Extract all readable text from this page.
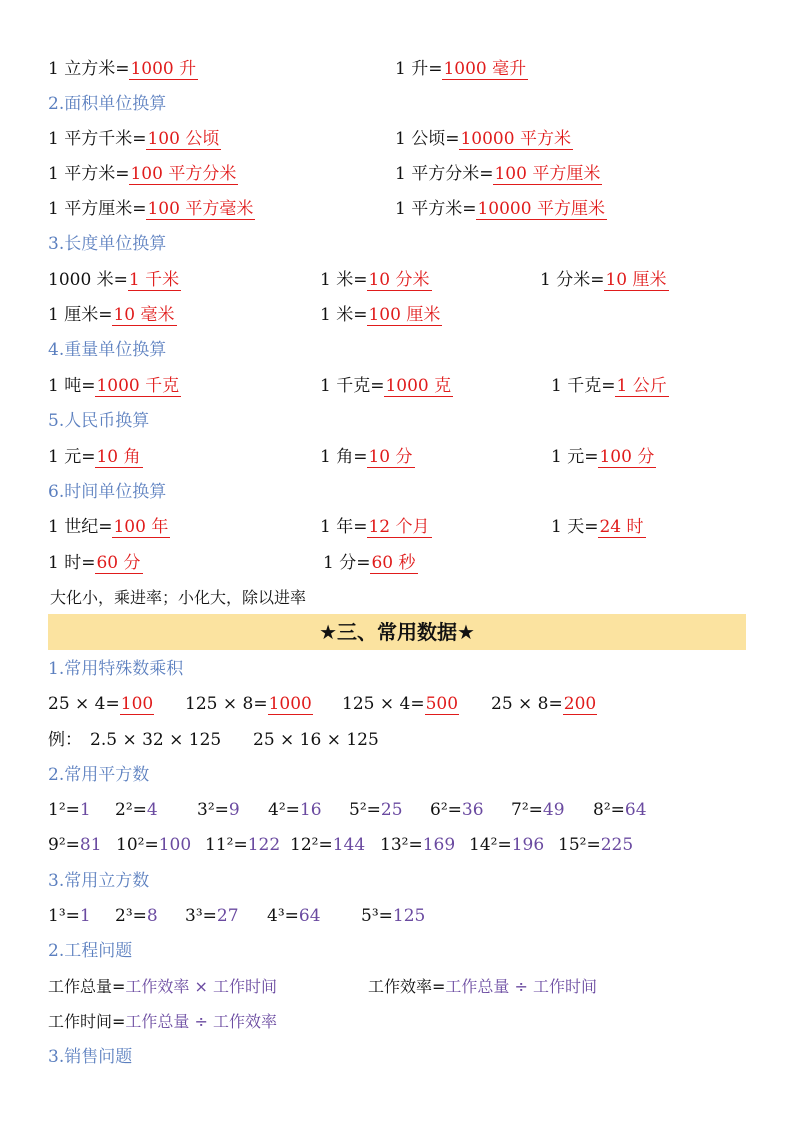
1 立方米=1000 升	1 升=1000 毫升
2.面积单位换算
1 平方千米=100 公顷	1 公顷=10000 平方米
1 平方米=100 平方分米	1 平方分米=100 平方厘米
1 平方厘米=100 平方毫米	1 平方米=10000 平方厘米
3.长度单位换算
1000 米=1 千米	1 米=10 分米	1 分米=10 厘米
1 厘米=10 毫米	1 米=100 厘米
4.重量单位换算
1 吨=1000 千克	1 千克=1000 克	1 千克=1 公斤
5.人民币换算
1 元=10 角	1 角=10 分	1 元=100 分
6.时间单位换算
1 世纪=100 年	1 年=12 个月	1 天=24 时
1 时=60 分	1 分=60 秒
大化小，乘进率；小化大，除以进率
★三、常用数据★
1.常用特殊数乘积
25 × 4=100 125 × 8=1000 125 × 4=500 25 × 8=200
例： 2.5 × 32 × 125 25 × 16 × 125
2.常用平方数
1²=1 2²=4 3²=9 4²=16 5²=25 6²=36 7²=49 8²=64
9²=81 10²=100 11²=122 12²=144 13²=169 14²=196 15²=225
3.常用立方数
1³=1 2³=8 3³=27 4³=64 5³=125
2.工程问题
工作总量=工作效率 × 工作时间	工作效率=工作总量 ÷ 工作时间
工作时间=工作总量 ÷ 工作效率
3.销售问题
